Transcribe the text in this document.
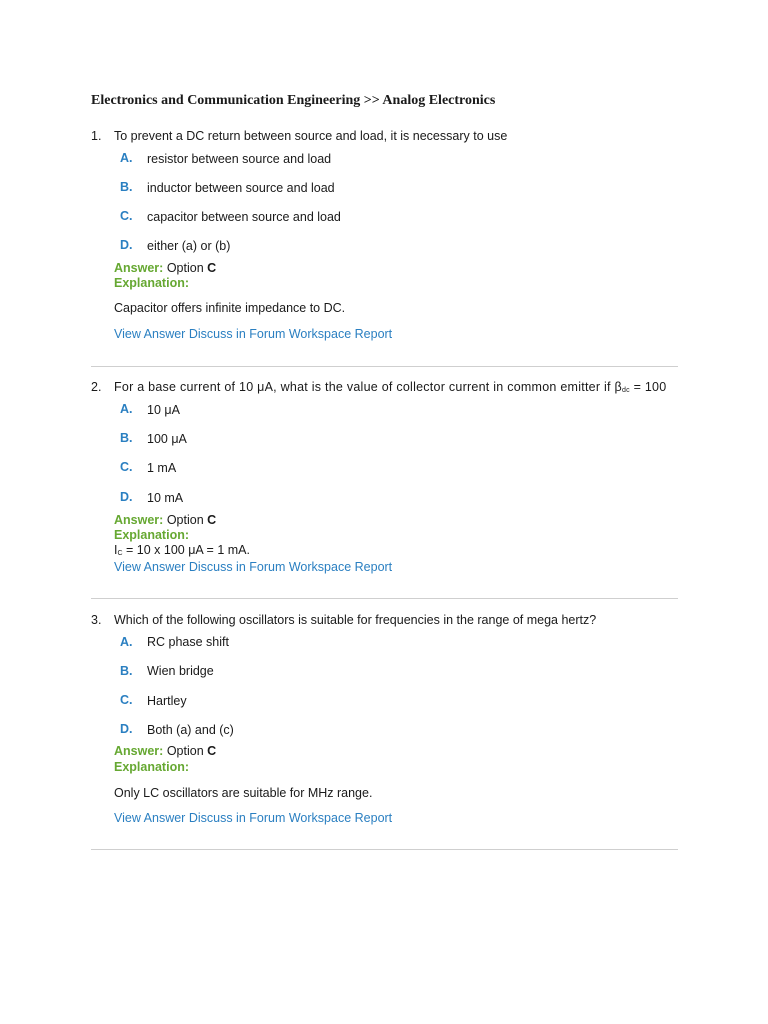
Electronics and Communication Engineering >> Analog Electronics
1. To prevent a DC return between source and load, it is necessary to use
A. resistor between source and load
B. inductor between source and load
C. capacitor between source and load
D. either (a) or (b)
Answer: Option C
Explanation:
Capacitor offers infinite impedance to DC.
View Answer Discuss in Forum Workspace Report
2. For a base current of 10 μA, what is the value of collector current in common emitter if $\beta_{dc} = 100$
A. 10 μA
B. 100 μA
C. 1 mA
D. 10 mA
Answer: Option C
Explanation:
$I_C = 10$ x 100 μA = 1 mA.
View Answer Discuss in Forum Workspace Report
3. Which of the following oscillators is suitable for frequencies in the range of mega hertz?
A. RC phase shift
B. Wien bridge
C. Hartley
D. Both (a) and (c)
Answer: Option C
Explanation:
Only LC oscillators are suitable for MHz range.
View Answer Discuss in Forum Workspace Report
